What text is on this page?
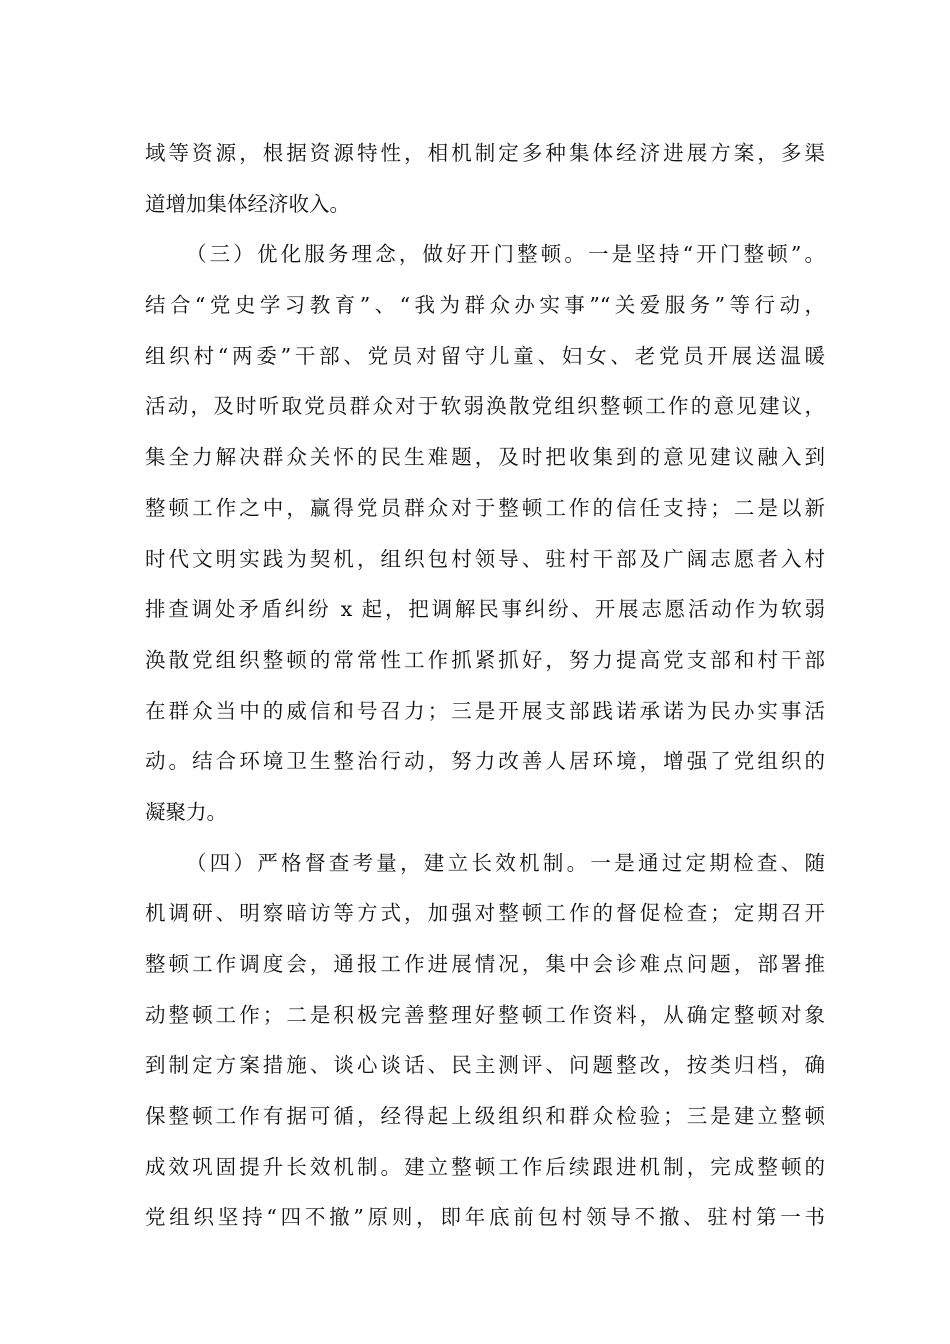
域等资源，根据资源特性，相机制定多种集体经济进展方案，多渠
道增加集体经济收入。
（三）优化服务理念，做好开门整顿。一是坚持“开门整顿”。
结合“党史学习教育”、“我为群众办实事”“关爱服务”等行动，
组织村“两委”干部、党员对留守儿童、妇女、老党员开展送温暖
活动，及时听取党员群众对于软弱涣散党组织整顿工作的意见建议，
集全力解决群众关怀的民生难题，及时把收集到的意见建议融入到
整顿工作之中，赢得党员群众对于整顿工作的信任支持；二是以新
时代文明实践为契机，组织包村领导、驻村干部及广阔志愿者入村
排查调处矛盾纠纷 x 起，把调解民事纠纷、开展志愿活动作为软弱
涣散党组织整顿的常常性工作抓紧抓好，努力提高党支部和村干部
在群众当中的威信和号召力；三是开展支部践诺承诺为民办实事活
动。结合环境卫生整治行动，努力改善人居环境，增强了党组织的
凝聚力。
（四）严格督查考量，建立长效机制。一是通过定期检查、随
机调研、明察暗访等方式，加强对整顿工作的督促检查；定期召开
整顿工作调度会，通报工作进展情况，集中会诊难点问题，部署推
动整顿工作；二是积极完善整理好整顿工作资料，从确定整顿对象
到制定方案措施、谈心谈话、民主测评、问题整改，按类归档，确
保整顿工作有据可循，经得起上级组织和群众检验；三是建立整顿
成效巩固提升长效机制。建立整顿工作后续跟进机制，完成整顿的
党组织坚持“四不撤”原则，即年底前包村领导不撤、驻村第一书
